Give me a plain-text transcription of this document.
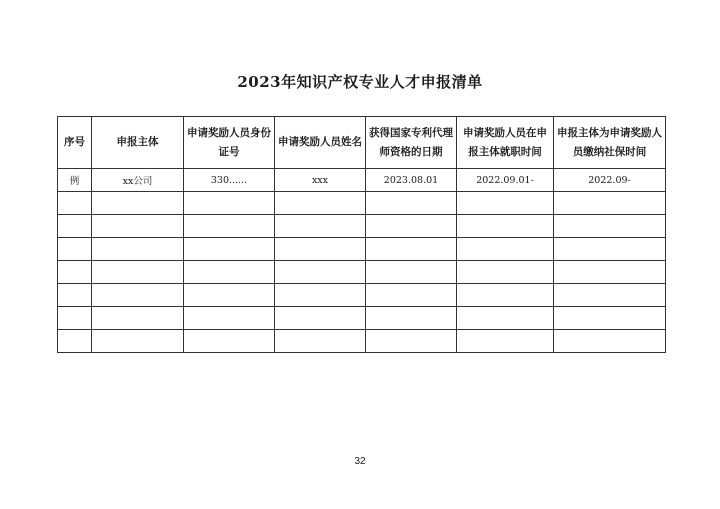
2023年知识产权专业人才申报清单
序号	申报主体	申请奖励人员身份证号	申请奖励人员姓名	获得国家专利代理师资格的日期	申请奖励人员在申报主体就职时间	申报主体为申请奖励人员缴纳社保时间
例	xx公司	330......	xxx	2023.08.01	2022.09.01-	2022.09-

32
